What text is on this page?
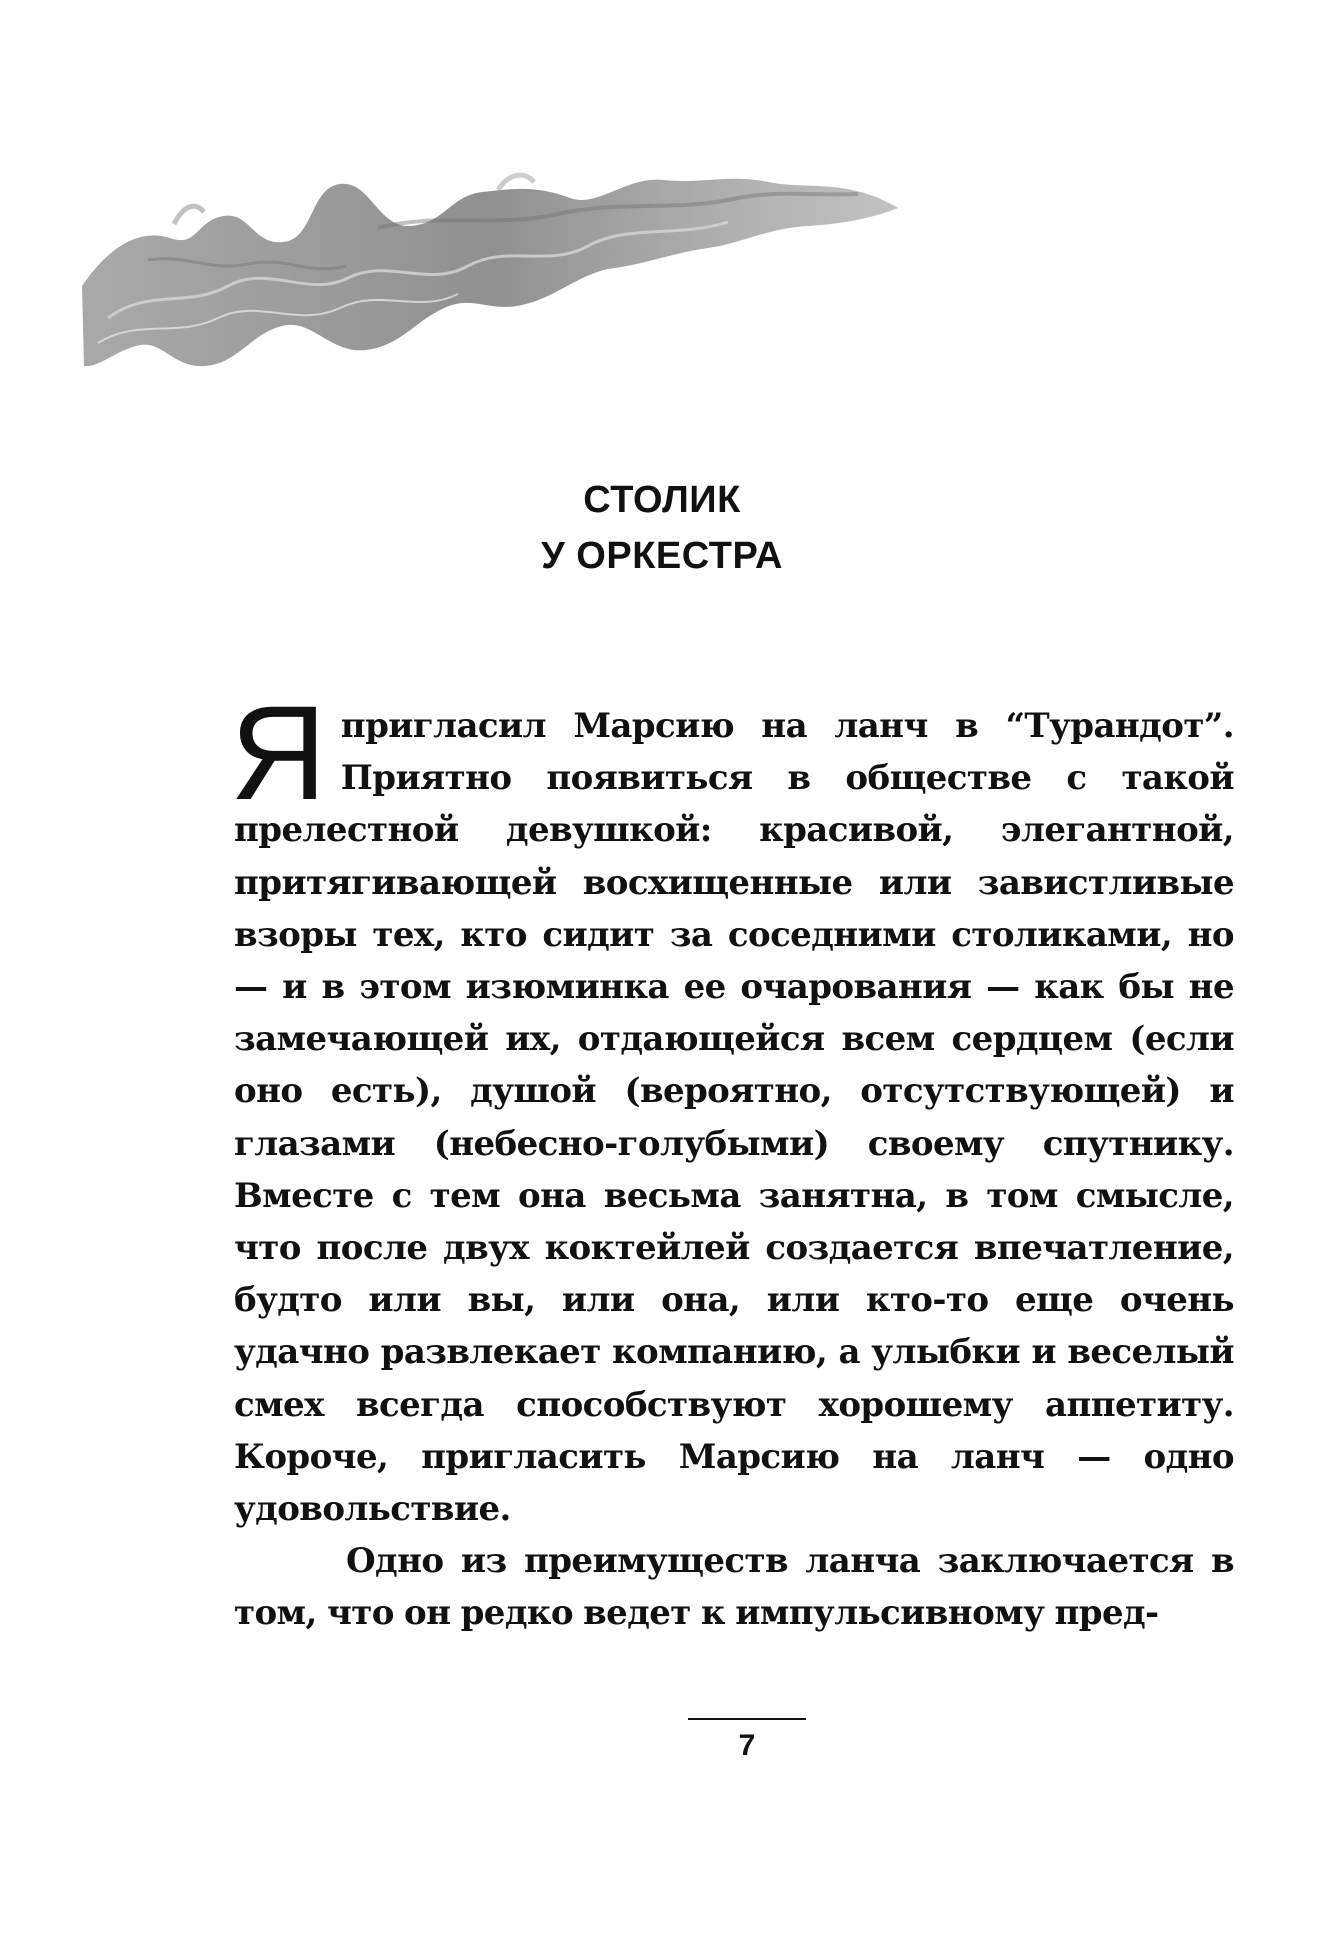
СТОЛИК
У ОРКЕСТРА

Я пригласил Марсию на ланч в “Турандот”. Приятно появиться в обществе с такой прелестной девушкой: красивой, элегантной, притягивающей восхищенные или завистливые взоры тех, кто сидит за соседними столиками, но — и в этом изюминка ее очарования — как бы не замечающей их, отдающейся всем сердцем (если оно есть), душой (вероятно, отсутствующей) и глазами (небесно-голубыми) своему спутнику. Вместе с тем она весьма занятна, в том смысле, что после двух коктейлей создается впечатление, будто или вы, или она, или кто-то еще очень удачно развлекает компанию, а улыбки и веселый смех всегда способствуют хорошему аппетиту. Короче, пригласить Марсию на ланч — одно удовольствие.

Одно из преимуществ ланча заключается в том, что он редко ведет к импульсивному пред-

7
